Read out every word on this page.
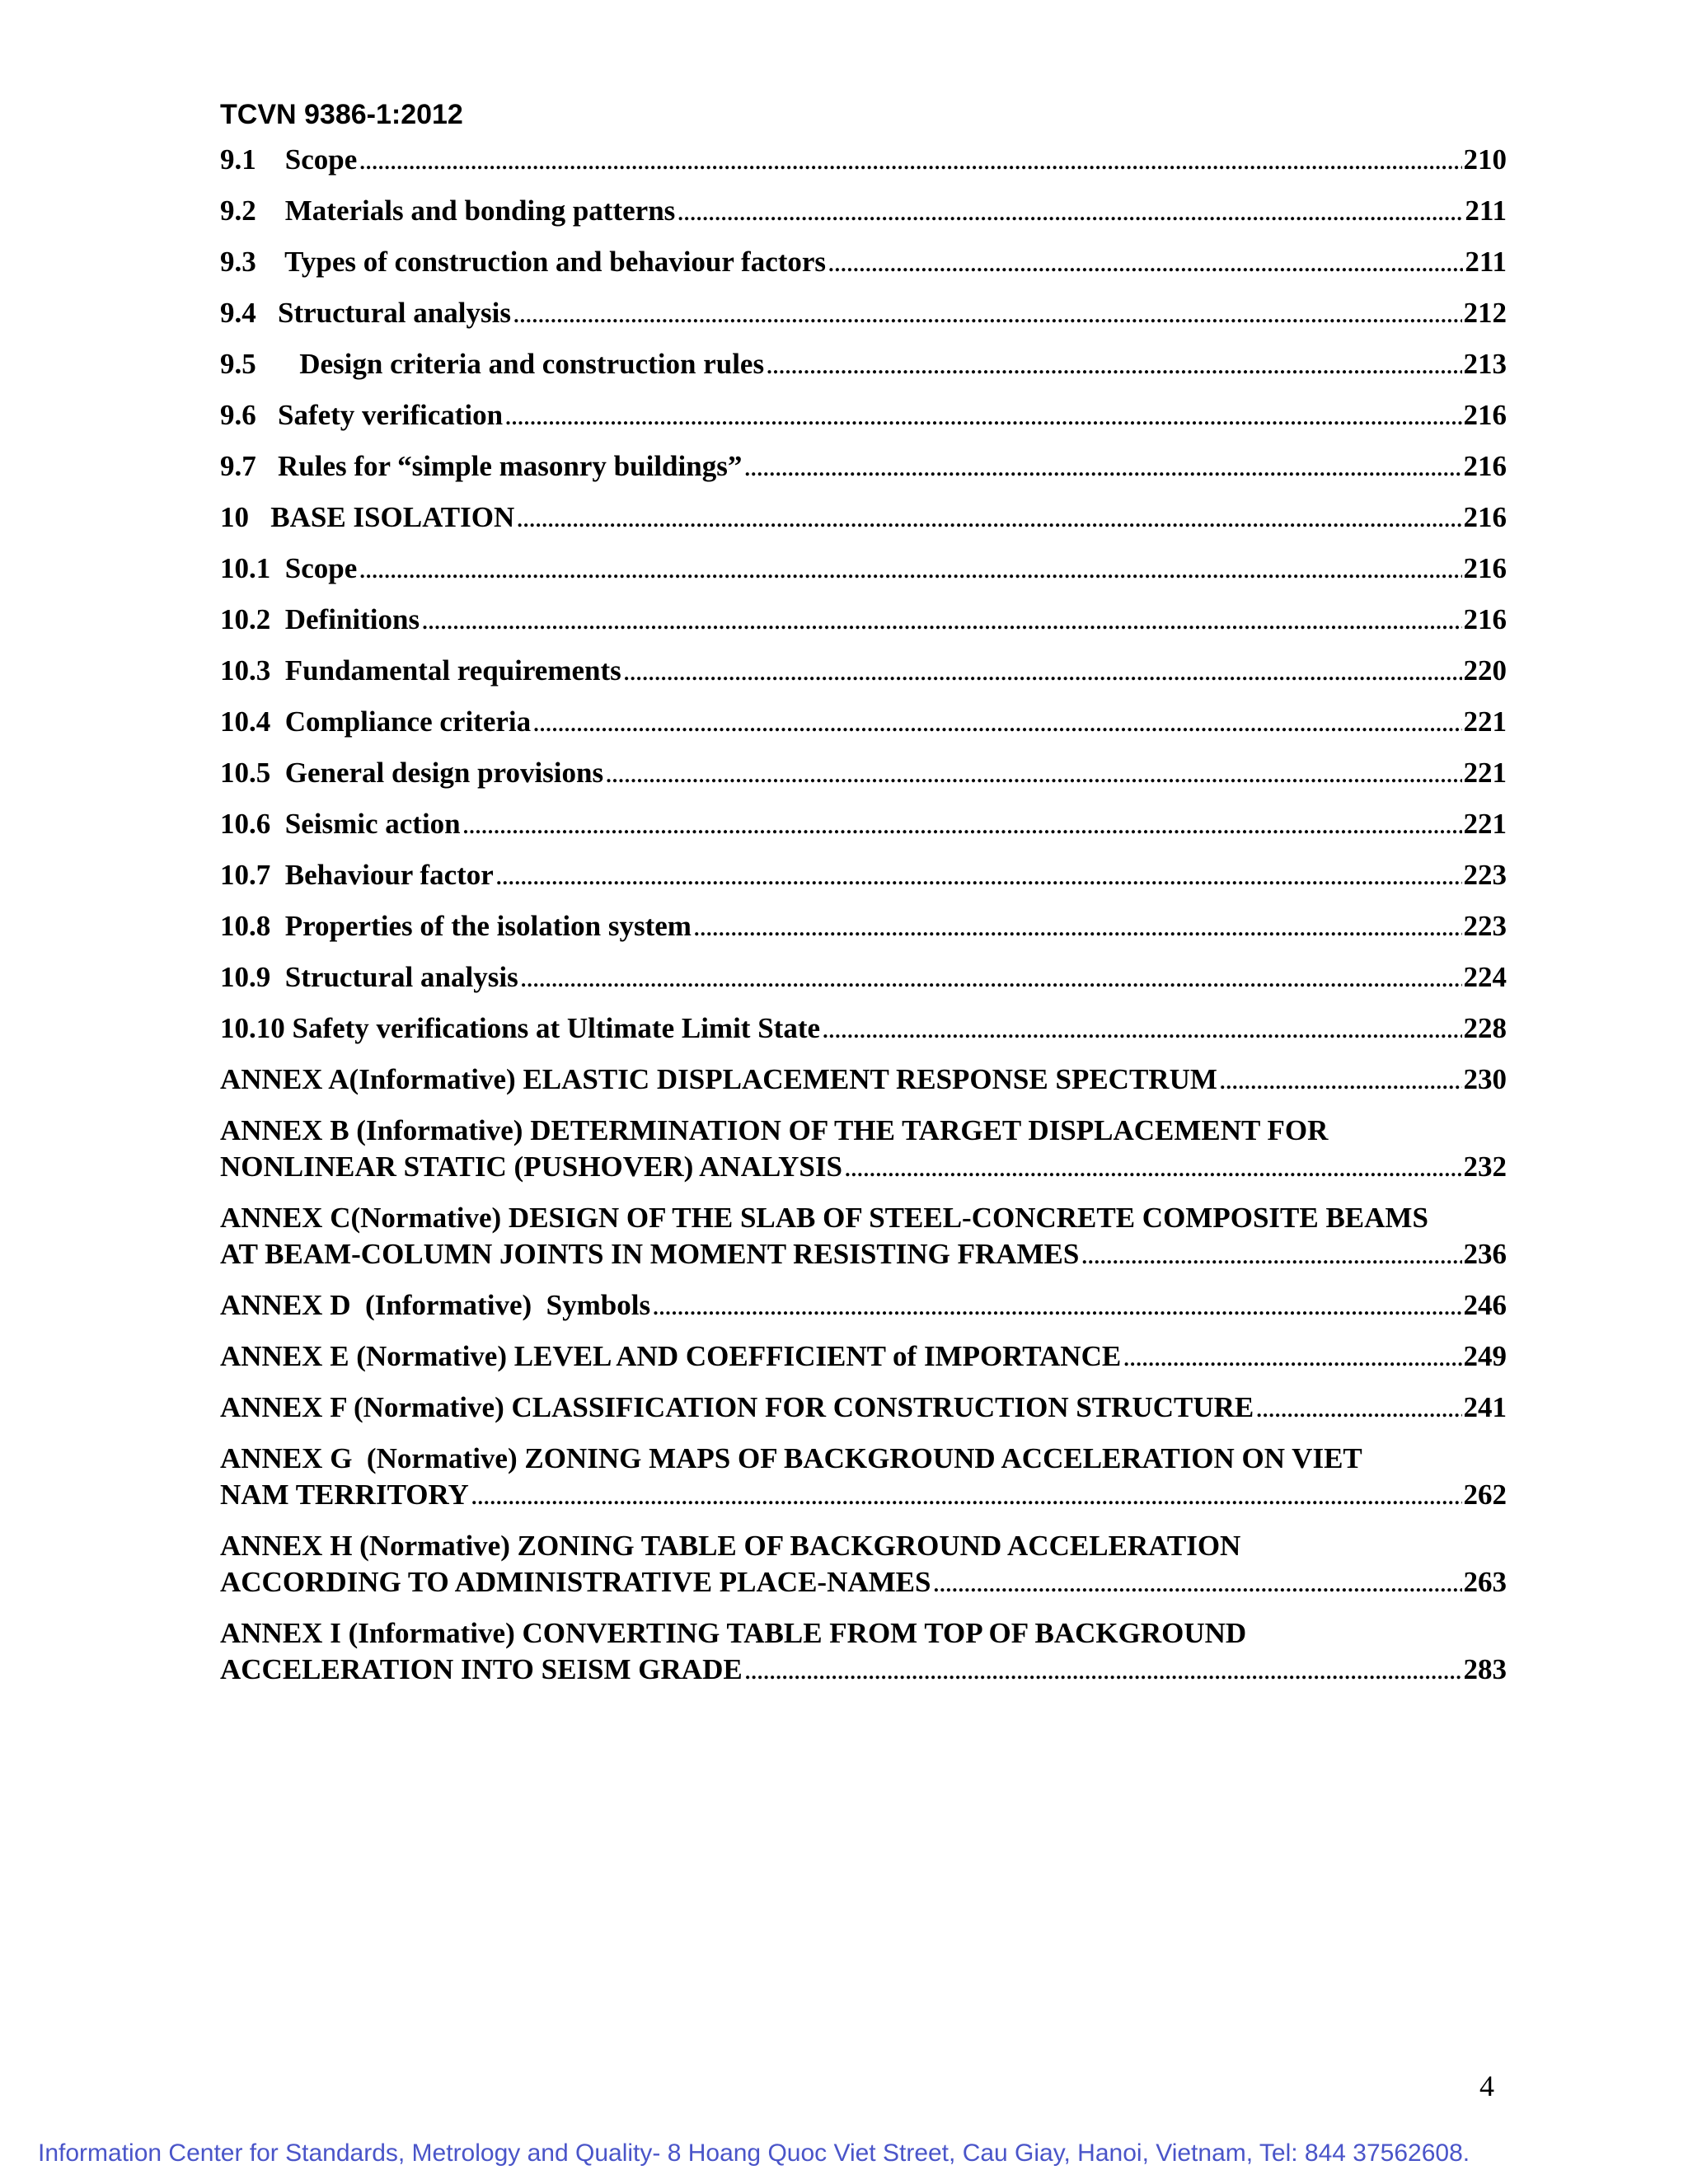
TCVN 9386-1:2012
9.1 Scope . . .	210
9.2 Materials and bonding patterns . . .	211
9.3 Types of construction and behaviour factors . . .	211
9.4 Structural analysis . . .	212
9.5 Design criteria and construction rules . . .	213
9.6 Safety verification . . .	216
9.7 Rules for “simple masonry buildings” . . .	216
10 BASE ISOLATION . . .	216
10.1 Scope . . .	216
10.2 Definitions . . .	216
10.3 Fundamental requirements . . .	220
10.4 Compliance criteria . . .	221
10.5 General design provisions . . .	221
10.6 Seismic action . . .	221
10.7 Behaviour factor . . .	223
10.8 Properties of the isolation system . . .	223
10.9 Structural analysis . . .	224
10.10 Safety verifications at Ultimate Limit State . . .	228
ANNEX A(Informative) ELASTIC DISPLACEMENT RESPONSE SPECTRUM . . .	230
ANNEX B (Informative) DETERMINATION OF THE TARGET DISPLACEMENT FOR
NONLINEAR STATIC (PUSHOVER) ANALYSIS . . .	232
ANNEX C(Normative) DESIGN OF THE SLAB OF STEEL-CONCRETE COMPOSITE BEAMS
AT BEAM-COLUMN JOINTS IN MOMENT RESISTING FRAMES . . .	236
ANNEX D  (Informative)  Symbols . . .	246
ANNEX E (Normative) LEVEL AND COEFFICIENT of IMPORTANCE . . .	249
ANNEX F (Normative) CLASSIFICATION FOR CONSTRUCTION STRUCTURE . . .	241
ANNEX G  (Normative) ZONING MAPS OF BACKGROUND ACCELERATION ON VIET
NAM TERRITORY . . .	262
ANNEX H (Normative) ZONING TABLE OF BACKGROUND ACCELERATION
ACCORDING TO ADMINISTRATIVE PLACE-NAMES . . .	263
ANNEX I (Informative) CONVERTING TABLE FROM TOP OF BACKGROUND
ACCELERATION INTO SEISM GRADE . . .	283
4
Information Center for Standards, Metrology and Quality- 8 Hoang Quoc Viet Street, Cau Giay, Hanoi, Vietnam, Tel: 844 37562608.
